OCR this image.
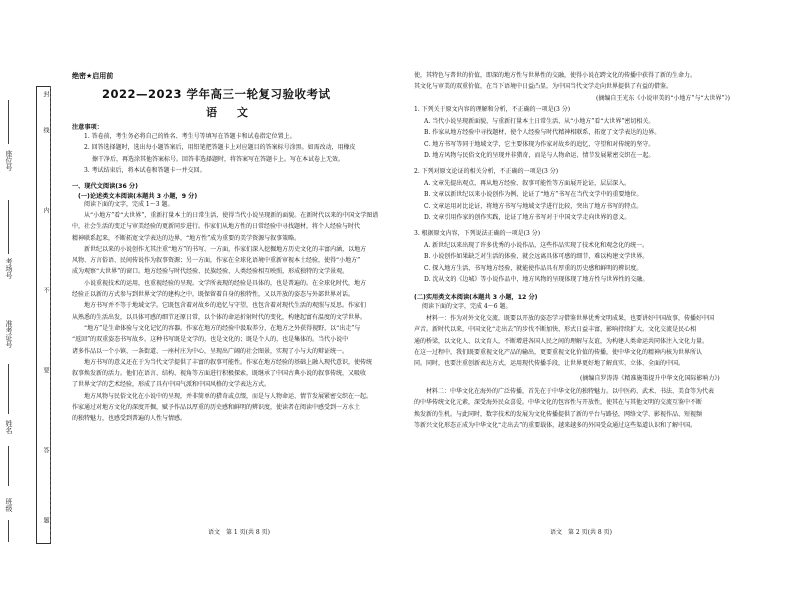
封
线
内
不
要
答
题
座位号
考场号
准考证号
姓名
班级
绝密★启用前
2022—2023 学年高三一轮复习验收考试
语 文
注意事项：
1. 答卷前，考生务必将自己的姓名、考生号等填写在答题卡和试卷指定位置上。
2. 回答选择题时，选出每小题答案后，用铅笔把答题卡上对应题目的答案标号涂黑。如需改动，用橡皮
擦干净后，再选涂其他答案标号。回答非选择题时，将答案写在答题卡上。写在本试卷上无效。
3. 考试结束后，将本试卷和答题卡一并交回。
一、现代文阅读(36 分)
(一)论述类文本阅读(本题共 3 小题，9 分)
阅读下面的文字，完成 1～3 题。
从“小地方”看“大世界”，重新打量本土的日常生活，使得当代小说呈现新的面貌。在新时代以来的中国文学图谱
中，社会生活的变迁与审美经验的更新同步进行。作家们从地方性的日常经验中寻找题材，将个人经验与时代
精神联系起来，不断拓宽文学表达的边界，“地方性”成为重要的美学资源与叙事策略。
新世纪以来的小说创作尤其注重“地方”的书写。一方面，作家们深入挖掘地方历史文化的丰富内涵，以地方
风物、方言俗语、民间传说作为叙事资源；另一方面，作家在全球化语境中重新审视本土经验，使得“小地方”
成为观察“大世界”的窗口。地方经验与时代经验、民族经验、人类经验相互映照，形成独特的文学景观。
小说重视技术的运用，也重视经验的呈现。文学所表现的经验是具体的，也是普遍的。在全球化时代，地方
经验正以新的方式参与到世界文学的建构之中，既保留着自身的独特性，又以开放的姿态与外部世界对话。
地方书写并不等于地域文学。它既包含着对故乡的追忆与守望，也包含着对现代生活的观照与反思。作家们
从熟悉的生活出发，以具体可感的细节还原日常，以个体的命运折射时代的变化，构建起富有温度的文学世界。
“地方”是生命体验与文化记忆的容器。作家在地方的经验中汲取养分，在地方之外获得视野，以“出走”与
“返回”的双重姿态书写故乡。这种书写既是文学的，也是文化的；既是个人的，也是集体的。当代小说中
诸多作品以一个小镇、一条街道、一座村庄为中心，呈现出广阔的社会图景，实现了小与大的辩证统一。
地方书写的意义还在于为当代文学提供了丰富的叙事可能性。作家在地方经验的基础上融入现代意识，使传统
叙事焕发新的活力。他们在语言、结构、视角等方面进行积极探索，既继承了中国古典小说的叙事传统，又吸收
了世界文学的艺术经验，形成了具有中国气派和中国风格的文学表达方式。
地方风物与民俗文化在小说中的呈现，并非简单的猎奇或点缀，而是与人物命运、情节发展紧密交织在一起。
作家通过对地方文化的深度开掘，赋予作品以厚重的历史感和鲜明的辨识度，使读者在阅读中感受到一方水土
的独特魅力，也感受到普遍的人性与情感。
语文　第 1 页(共 8 页)
使，其特色与普世的价值，即深的地方性与世界性的交融，使得小说在跨文化的传播中获得了新的生命力。
其文化与审美的双重价值，在当下语境中日益凸显，为中国当代文学走向世界提供了有益的借鉴。
(摘编自王光东《小说审美的“小地方”与“大世界”》)
1. 下列关于原文内容的理解和分析，不正确的一项是(3 分)
A. 当代小说呈现新面貌，与重新打量本土日常生活、从“小地方”看“大世界”密切相关。
B. 作家从地方经验中寻找题材，使个人经验与时代精神相联系，拓宽了文学表达的边界。
C. 地方书写等同于地域文学，它主要体现为作家对故乡的追忆、守望和对传统的坚守。
D. 地方风物与民俗文化的呈现并非猎奇，而是与人物命运、情节发展紧密交织在一起。
2. 下列对原文论证的相关分析，不正确的一项是(3 分)
A. 文章先提出观点，再从地方经验、叙事可能性等方面展开论证，层层深入。
B. 文章以新世纪以来小说创作为例，论证了“地方”书写在当代文学中的重要地位。
C. 文章运用对比论证，将地方书写与地域文学进行比较，突出了地方书写的特点。
D. 文章引用作家的创作实践，论证了地方书写对于中国文学走向世界的意义。
3. 根据原文内容，下列说法正确的一项是(3 分)
A. 新世纪以来出现了许多优秀的小说作品，这些作品实现了技术化和观念化的统一。
B. 小说创作如果缺乏对生活的体验，就会远离具体可感的细节，难以构建文学世界。
C. 探入地方生活，书写地方经验，就能使作品具有厚重的历史感和鲜明的辨识度。
D. 沈从文的《边城》等小说作品中，地方风物的呈现体现了地方性与世界性的交融。
(二)实用类文本阅读(本题共 3 小题，12 分)
阅读下面的文字，完成 4～6 题。
材料一：作为对外文化交流，既要以开放的姿态学习借鉴世界优秀文明成果，也要讲好中国故事，传播好中国
声音。新时代以来，中国文化“走出去”的步伐不断加快，形式日益丰富，影响持续扩大。文化交流是民心相
通的桥梁，以文化人、以文育人，不断增进各国人民之间的理解与友谊，为构建人类命运共同体注入文化力量。
在这一过程中，我们既要重视文化产品的输出，更要重视文化价值的传播，使中华文化的精神内核为世界所认
同。同时，也要注重创新表达方式，运用现代传播手段，让世界更好地了解真实、立体、全面的中国。
(摘编自罗涛涛《精准施策提升中华文化国际影响力》)
材料二：中华文化在海外的广泛传播，首先在于中华文化的独特魅力。以中医药、武术、书法、美食等为代表
的中华传统文化元素，深受海外民众喜爱。中华文化的包容性与开放性，使其在与其他文明的交流互鉴中不断
焕发新的生机。与此同时，数字技术的发展为文化传播提供了新的平台与路径，网络文学、影视作品、短视频
等新兴文化形态正成为中华文化“走出去”的重要载体，越来越多的外国受众通过这些渠道认识和了解中国。
语文　第 2 页(共 8 页)
